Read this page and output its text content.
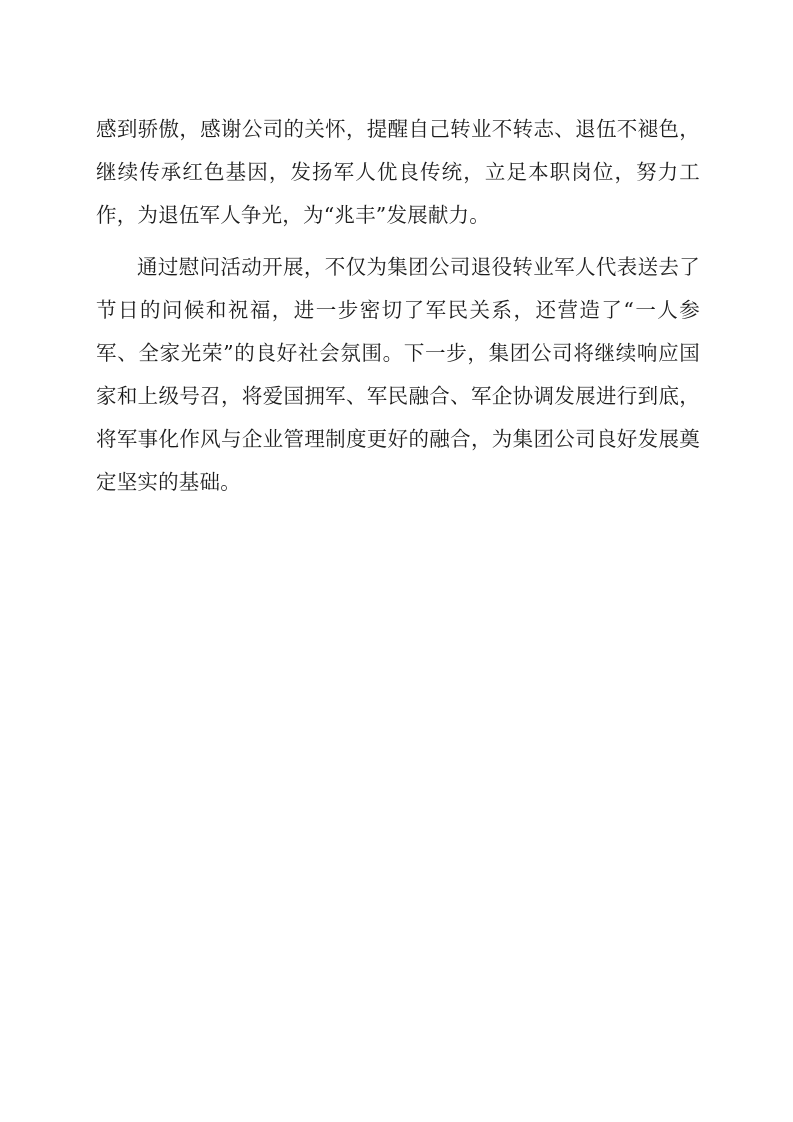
感到骄傲，感谢公司的关怀，提醒自己转业不转志、退伍不褪色，继续传承红色基因，发扬军人优良传统，立足本职岗位，努力工作，为退伍军人争光，为“兆丰”发展献力。

通过慰问活动开展，不仅为集团公司退役转业军人代表送去了节日的问候和祝福，进一步密切了军民关系，还营造了“一人参军、全家光荣”的良好社会氛围。下一步，集团公司将继续响应国家和上级号召，将爱国拥军、军民融合、军企协调发展进行到底，将军事化作风与企业管理制度更好的融合，为集团公司良好发展奠定坚实的基础。
